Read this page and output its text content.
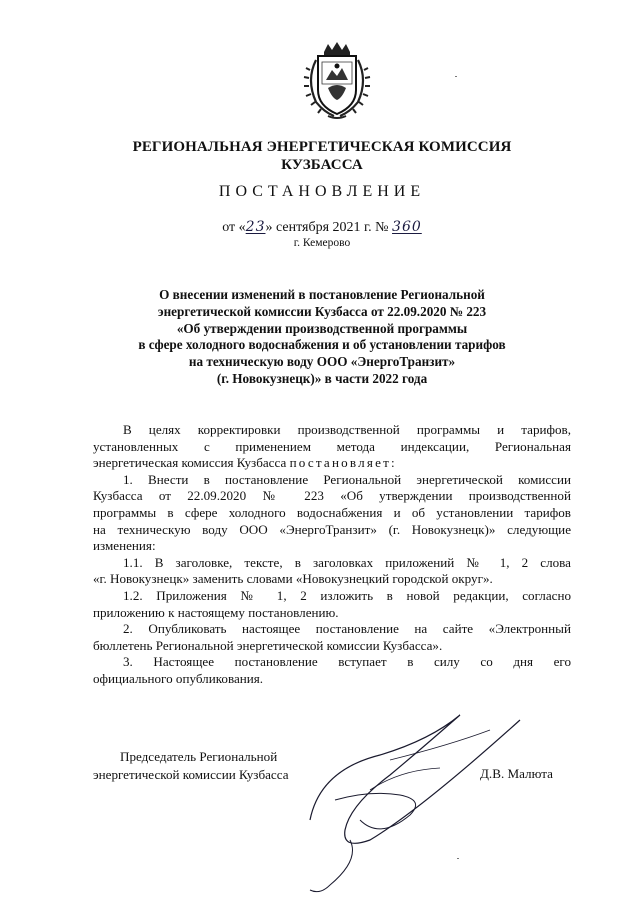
РЕГИОНАЛЬНАЯ ЭНЕРГЕТИЧЕСКАЯ КОМИССИЯ
КУЗБАССА
ПОСТАНОВЛЕНИЕ
от «23» сентября 2021 г. № 360
г. Кемерово
О внесении изменений в постановление Региональной
энергетической комиссии Кузбасса от 22.09.2020 № 223
«Об утверждении производственной программы
в сфере холодного водоснабжения и об установлении тарифов
на техническую воду ООО «ЭнергоТранзит»
(г. Новокузнецк)» в части 2022 года
В целях корректировки производственной программы и тарифов,
установленных с применением метода индексации, Региональная
энергетическая комиссия Кузбасса постановляет:
1. Внести в постановление Региональной энергетической комиссии
Кузбасса от 22.09.2020 № 223 «Об утверждении производственной
программы в сфере холодного водоснабжения и об установлении тарифов
на техническую воду ООО «ЭнергоТранзит» (г. Новокузнецк)» следующие
изменения:
1.1. В заголовке, тексте, в заголовках приложений № 1, 2 слова
«г. Новокузнецк» заменить словами «Новокузнецкий городской округ».
1.2. Приложения № 1, 2 изложить в новой редакции, согласно
приложению к настоящему постановлению.
2. Опубликовать настоящее постановление на сайте «Электронный
бюллетень Региональной энергетической комиссии Кузбасса».
3. Настоящее постановление вступает в силу со дня его
официального опубликования.
Председатель Региональной
энергетической комиссии Кузбасса	Д.В. Малюта
